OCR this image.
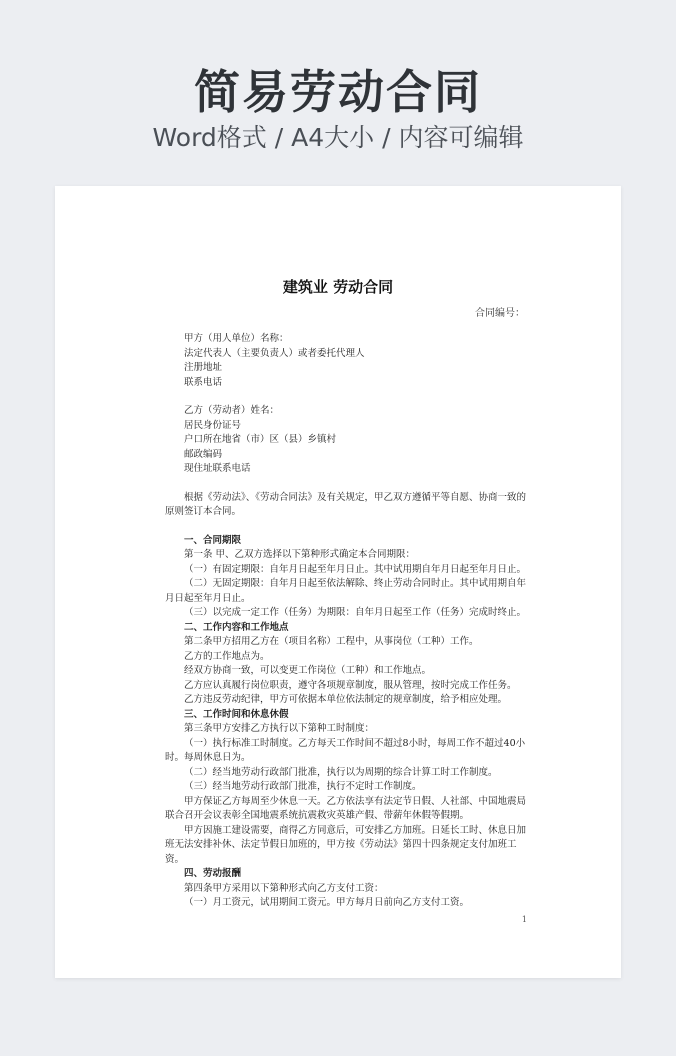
简易劳动合同
Word格式 / A4大小 / 内容可编辑
建筑业 劳动合同
合同编号：

甲方（用人单位）名称：

法定代表人（主要负责人）或者委托代理人

注册地址

联系电话

乙方（劳动者）姓名：

居民身份证号

户口所在地省（市）区（县）乡镇村

邮政编码

现住址联系电话

根据《劳动法》、《劳动合同法》及有关规定，甲乙双方遵循平等自愿、协商一致的原则签订本合同。

一、合同期限

第一条 甲、乙双方选择以下第种形式确定本合同期限：

（一）有固定期限：自年月日起至年月日止。其中试用期自年月日起至年月日止。

（二）无固定期限：自年月日起至依法解除、终止劳动合同时止。其中试用期自年月日起至年月日止。

（三）以完成一定工作（任务）为期限：自年月日起至工作（任务）完成时终止。

二、工作内容和工作地点

第二条甲方招用乙方在（项目名称）工程中，从事岗位（工种）工作。

乙方的工作地点为。

经双方协商一致，可以变更工作岗位（工种）和工作地点。

乙方应认真履行岗位职责，遵守各项规章制度，服从管理，按时完成工作任务。

乙方违反劳动纪律，甲方可依据本单位依法制定的规章制度，给予相应处理。

三、工作时间和休息休假

第三条甲方安排乙方执行以下第种工时制度：

（一）执行标准工时制度。乙方每天工作时间不超过8小时，每周工作不超过40小时。每周休息日为。

（二）经当地劳动行政部门批准，执行以为周期的综合计算工时工作制度。

（三）经当地劳动行政部门批准，执行不定时工作制度。

甲方保证乙方每周至少休息一天。乙方依法享有法定节日假、人社部、中国地震局联合召开会议表彰全国地震系统抗震救灾英雄产假、带薪年休假等假期。

甲方因施工建设需要，商得乙方同意后，可安排乙方加班。日延长工时、休息日加班无法安排补休、法定节假日加班的，甲方按《劳动法》第四十四条规定支付加班工资。

四、劳动报酬

第四条甲方采用以下第种形式向乙方支付工资：

（一）月工资元，试用期间工资元。甲方每月日前向乙方支付工资。

1
